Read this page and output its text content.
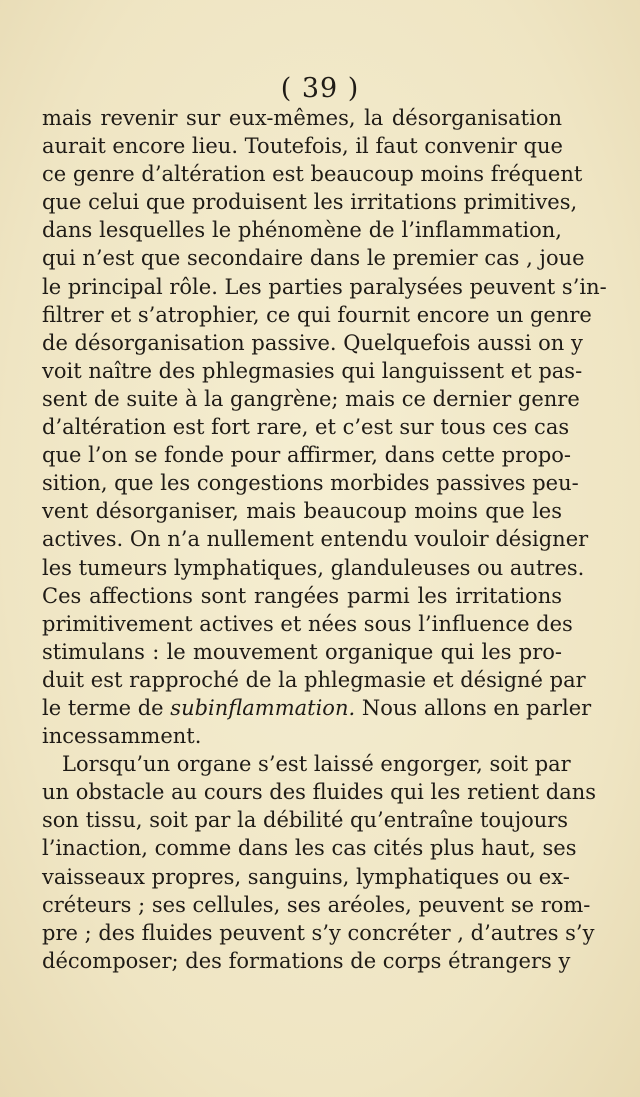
( 39 )
mais revenir sur eux-mêmes, la désorganisation
aurait encore lieu. Toutefois, il faut convenir que
ce genre d’altération est beaucoup moins fréquent
que celui que produisent les irritations primitives,
dans lesquelles le phénomène de l’inflammation,
qui n’est que secondaire dans le premier cas , joue
le principal rôle. Les parties paralysées peuvent s’in-
filtrer et s’atrophier, ce qui fournit encore un genre
de désorganisation passive. Quelquefois aussi on y
voit naître des phlegmasies qui languissent et pas-
sent de suite à la gangrène; mais ce dernier genre
d’altération est fort rare, et c’est sur tous ces cas
que l’on se fonde pour affirmer, dans cette propo-
sition, que les congestions morbides passives peu-
vent désorganiser, mais beaucoup moins que les
actives. On n’a nullement entendu vouloir désigner
les tumeurs lymphatiques, glanduleuses ou autres.
Ces affections sont rangées parmi les irritations
primitivement actives et nées sous l’influence des
stimulans : le mouvement organique qui les pro-
duit est rapproché de la phlegmasie et désigné par
le terme de subinflammation. Nous allons en parler
incessamment.
Lorsqu’un organe s’est laissé engorger, soit par
un obstacle au cours des fluides qui les retient dans
son tissu, soit par la débilité qu’entraîne toujours
l’inaction, comme dans les cas cités plus haut, ses
vaisseaux propres, sanguins, lymphatiques ou ex-
créteurs ; ses cellules, ses aréoles, peuvent se rom-
pre ; des fluides peuvent s’y concréter , d’autres s’y
décomposer; des formations de corps étrangers y
